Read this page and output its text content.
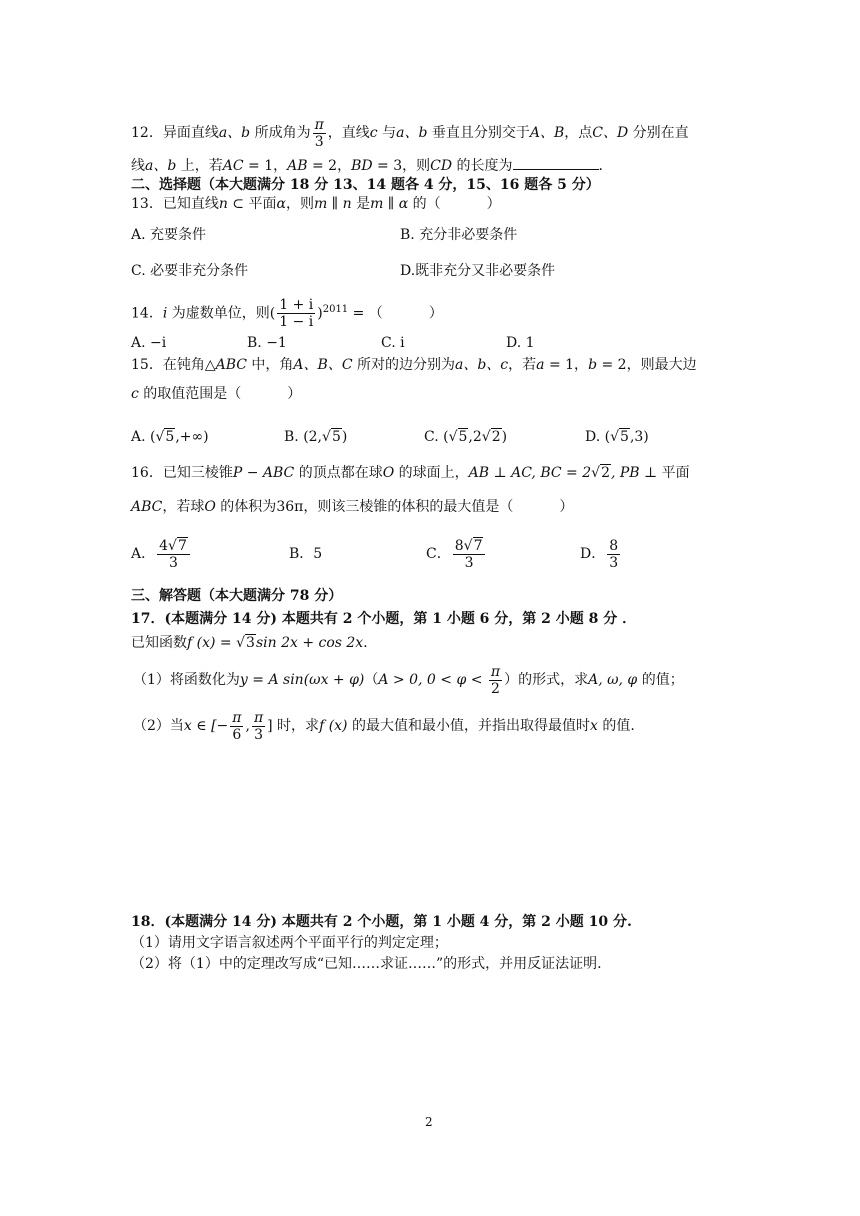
12．异面直线a、b 所成角为 $\frac{\pi}{3}$ ，直线c 与a、b 垂直且分别交于A、B，点C、D 分别在直
线a、b 上，若AC = 1，AB = 2，BD = 3，则CD 的长度为	．
二、选择题（本大题满分 18 分 13、14 题各 4 分，15、16 题各 5 分）
13．已知直线n ⊂ 平面α，则m ∥ n 是m ∥ α 的（	）
A. 充要条件	B. 充分非必要条件
C. 必要非充分条件	D.既非充分又非必要条件
14．i 为虚数单位，则( $\frac{1 + i}{1 - i} )^{2011}$ = （	）
A. −i	B. −1	C. i	D. 1
15．在钝角△ABC 中，角A、B、C 所对的边分别为a、b、c，若a = 1，b = 2，则最大边
c 的取值范围是（	）
A. (√5,+∞)	B. (2,√5)	C. (√5,2√2)	D. (√5,3)
16．已知三棱锥P − ABC 的顶点都在球O 的球面上，AB ⊥ AC, BC = 2√2, PB ⊥ 平面
ABC，若球O 的体积为36π，则该三棱锥的体积的最大值是（	）
A． $\frac{4√7}{3}$	B．5	C． $\frac{8√7}{3}$	D． $\frac{8}{3}$
三、解答题（本大题满分 78 分）
17．(本题满分 14 分) 本题共有 2 个小题，第 1 小题 6 分，第 2 小题 8 分 ．
已知函数f (x) = √3sin 2x + cos 2x．
（1）将函数化为y = A sin(ωx + φ)（A > 0, $0 < \varphi < \frac{\pi}{2}$ ）的形式，求A, ω, φ 的值；
（2）当x ∈ [− $\frac{\pi}{6}$ , $\frac{\pi}{3}$ ] 时，求f (x) 的最大值和最小值，并指出取得最值时x 的值.
18．(本题满分 14 分) 本题共有 2 个小题，第 1 小题 4 分，第 2 小题 10 分.
（1）请用文字语言叙述两个平面平行的判定定理；
（2）将（1）中的定理改写成“已知……求证……”的形式，并用反证法证明.
2
